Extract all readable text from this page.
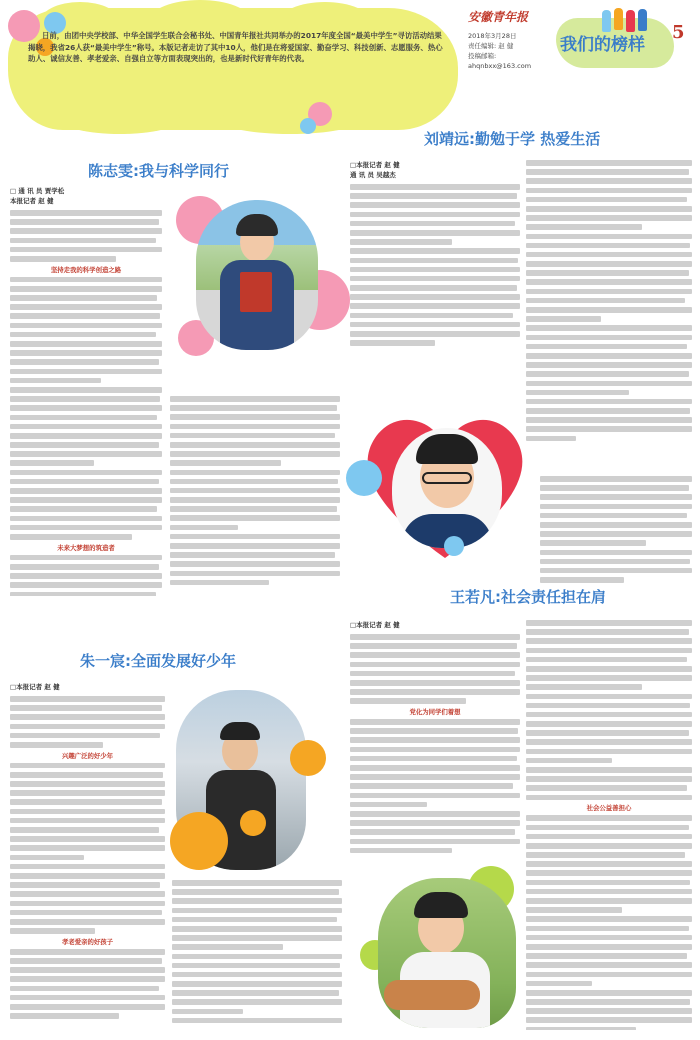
日前，由团中央学校部、中华全国学生联合会秘书处、中国青年报社共同举办的2017年度全国“最美中学生”寻访活动结果揭晓，我省26人获“最美中学生”称号。本版记者走访了其中10人，他们是在将爱国家、勤奋学习、科技创新、志愿服务、热心助人、诚信友善、孝老爱亲、自强自立等方面表现突出的，也是新时代好青年的代表。
安徽青年报
2018年3月28日
责任编辑: 赵 健
投稿邮箱: ahqnbxx@163.com
我们的榜样
5
陈志雯:我与科学同行
□ 通 讯 员 贾学松
本报记者 赵 健
坚持走我的科学创造之路
未来大梦想的筑造者
刘靖远:勤勉于学 热爱生活
□本报记者 赵 健
通 讯 员 吴越杰
王若凡:社会责任担在肩
□本报记者 赵 健
党化为同学们着想
社会公益善担心
朱一宸:全面发展好少年
□本报记者 赵 健
兴趣广泛的好少年
孝老爱亲的好孩子
